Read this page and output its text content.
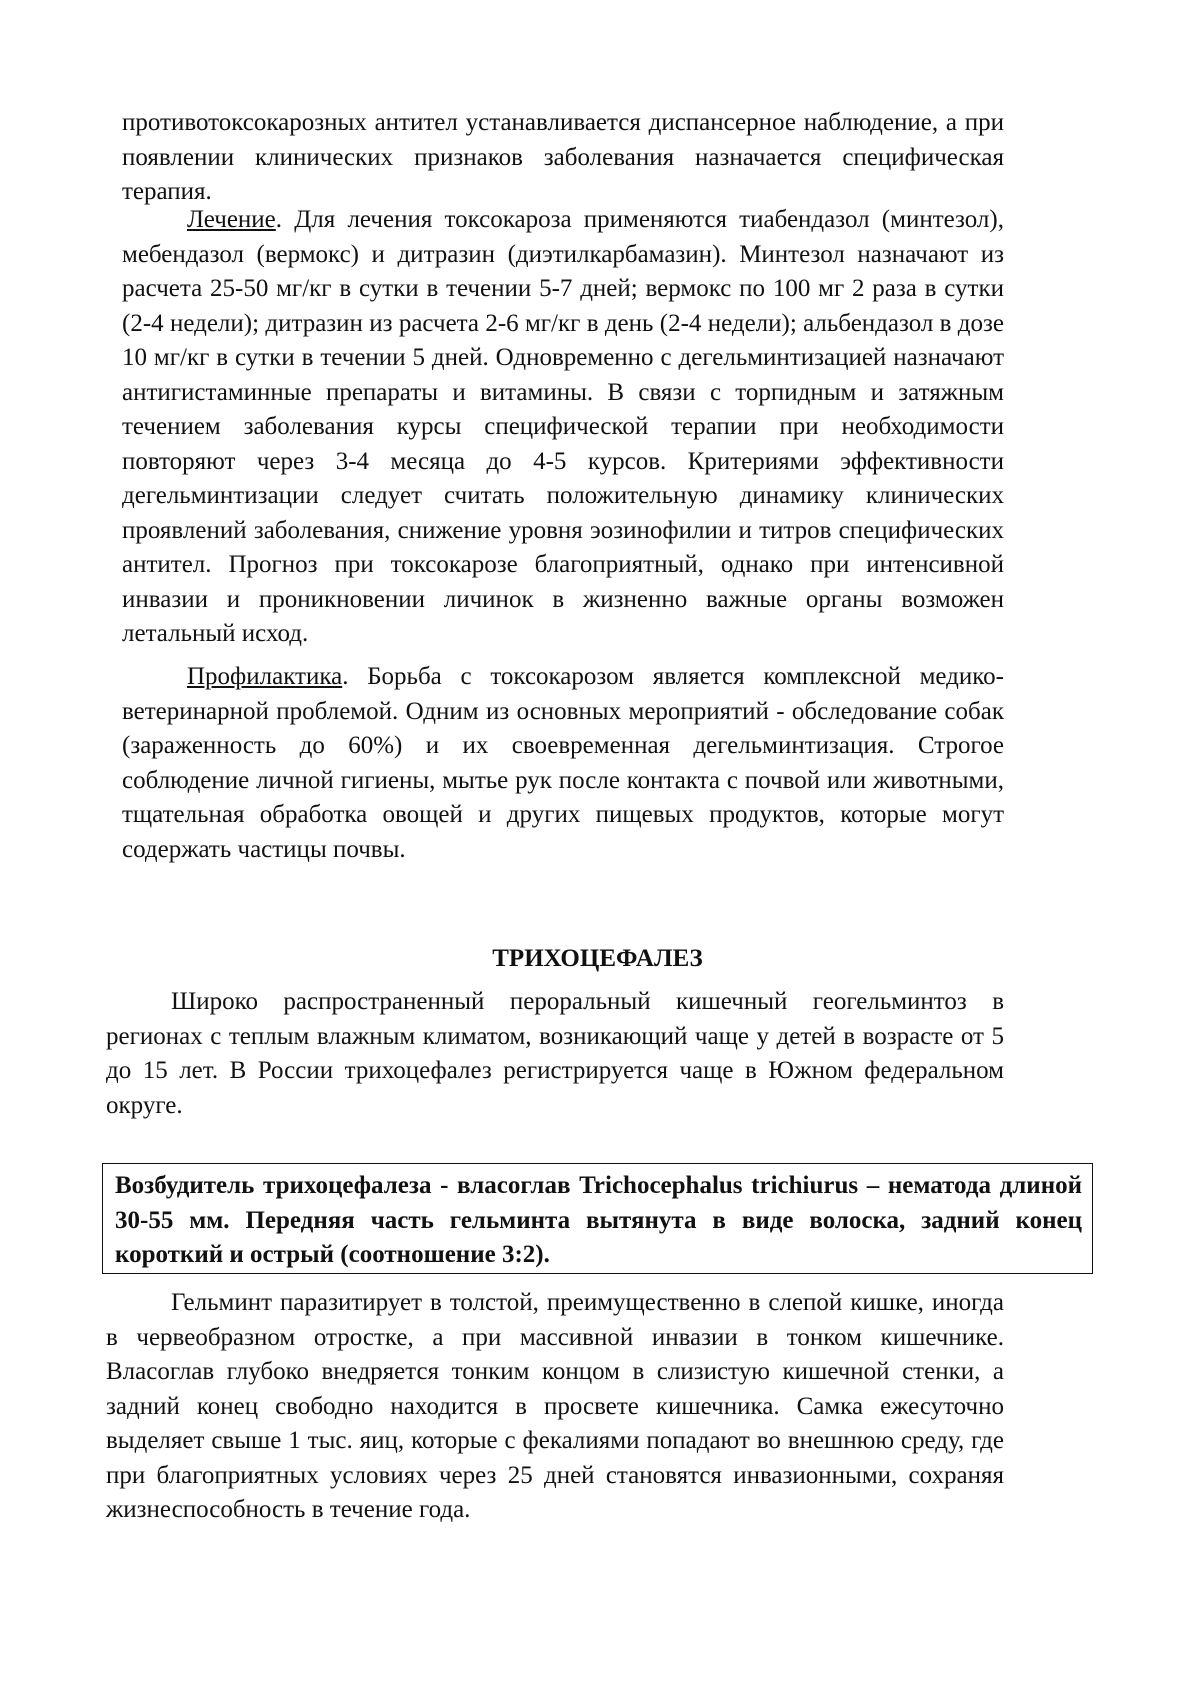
противотоксокарозных антител устанавливается диспансерное наблюдение, а при появлении клинических признаков заболевания назначается специфическая терапия.

Лечение. Для лечения токсокароза применяются тиабендазол (минтезол), мебендазол (вермокс) и дитразин (диэтилкарбамазин). Минтезол назначают из расчета 25-50 мг/кг в сутки в течении 5-7 дней; вермокс по 100 мг 2 раза в сутки (2-4 недели); дитразин из расчета 2-6 мг/кг в день (2-4 недели); альбендазол в дозе 10 мг/кг в сутки в течении 5 дней. Одновременно с дегельминтизацией назначают антигистаминные препараты и витамины. В связи с торпидным и затяжным течением заболевания курсы специфической терапии при необходимости повторяют через 3-4 месяца до 4-5 курсов. Критериями эффективности дегельминтизации следует считать положительную динамику клинических проявлений заболевания, снижение уровня эозинофилии и титров специфических антител. Прогноз при токсокарозе благоприятный, однако при интенсивной инвазии и проникновении личинок в жизненно важные органы возможен летальный исход.

Профилактика. Борьба с токсокарозом является комплексной медико-ветеринарной проблемой. Одним из основных мероприятий - обследование собак (зараженность до 60%) и их своевременная дегельминтизация. Строгое соблюдение личной гигиены, мытье рук после контакта с почвой или животными, тщательная обработка овощей и других пищевых продуктов, которые могут содержать частицы почвы.

ТРИХОЦЕФАЛЕЗ

Широко распространенный пероральный кишечный геогельминтоз в регионах с теплым влажным климатом, возникающий чаще у детей в возрасте от 5 до 15 лет. В России трихоцефалез регистрируется чаще в Южном федеральном округе.

Возбудитель трихоцефалеза - власоглав Trichocephalus trichiurus – нематода длиной 30-55 мм. Передняя часть гельминта вытянута в виде волоска, задний конец короткий и острый (соотношение 3:2).

Гельминт паразитирует в толстой, преимущественно в слепой кишке, иногда в червеобразном отростке, а при массивной инвазии в тонком кишечнике. Власоглав глубоко внедряется тонким концом в слизистую кишечной стенки, а задний конец свободно находится в просвете кишечника. Самка ежесуточно выделяет свыше 1 тыс. яиц, которые с фекалиями попадают во внешнюю среду, где при благоприятных условиях через 25 дней становятся инвазионными, сохраняя жизнеспособность в течение года.
